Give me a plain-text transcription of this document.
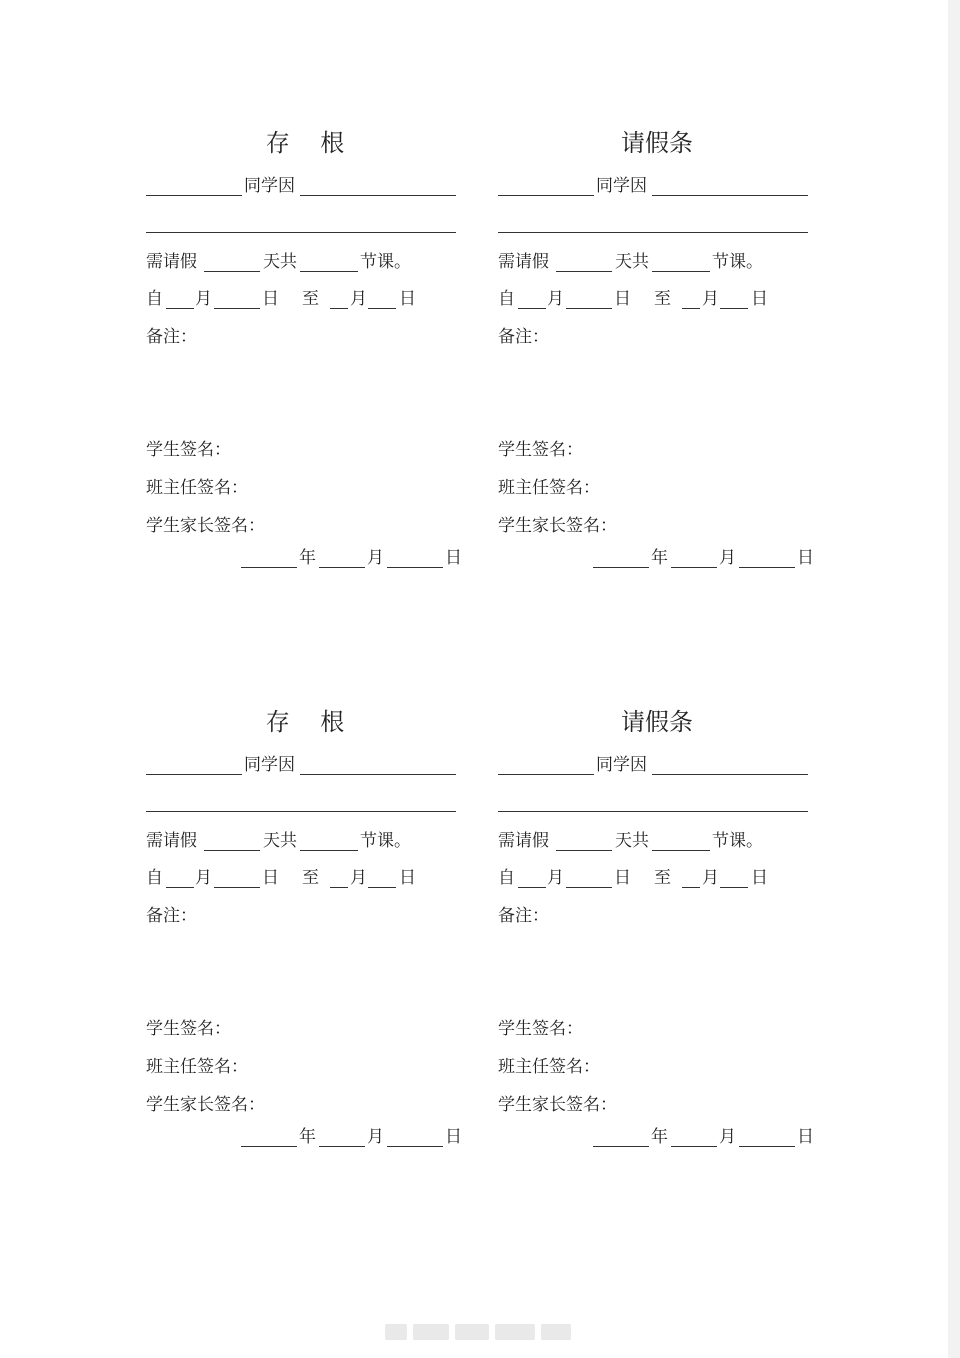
存    根
同学因
需请假	天共	节课。
自 月	日 至 月 日
备注：
学生签名：
班主任签名：
学生家长签名：
年	月	日
请假条
同学因
需请假	天共	节课。
自 月	日 至 月 日
备注：
学生签名：
班主任签名：
学生家长签名：
年	月	日
存    根
同学因
需请假	天共	节课。
自 月	日 至 月 日
备注：
学生签名：
班主任签名：
学生家长签名：
年	月	日
请假条
同学因
需请假	天共	节课。
自 月	日 至 月 日
备注：
学生签名：
班主任签名：
学生家长签名：
年	月	日
